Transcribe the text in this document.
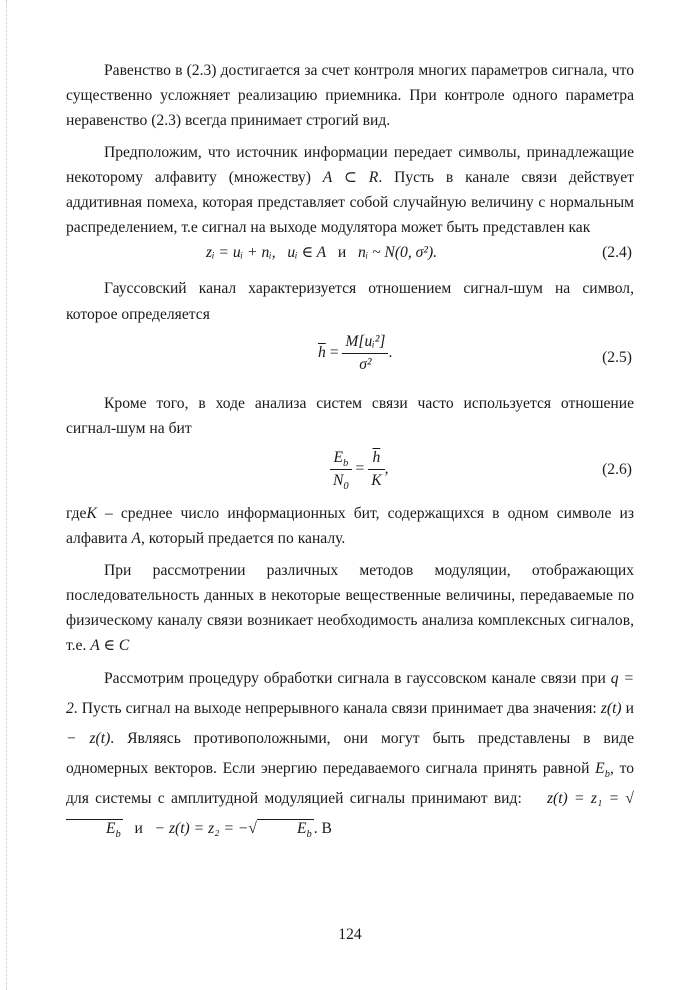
Равенство в (2.3) достигается за счет контроля многих параметров сигнала, что существенно усложняет реализацию приемника. При контроле одного параметра неравенство (2.3) всегда принимает строгий вид.

Предположим, что источник информации передает символы, принадлежащие некоторому алфавиту (множеству) A ⊂ R. Пусть в канале связи действует аддитивная помеха, которая представляет собой случайную величину с нормальным распределением, т.е сигнал на выходе модулятора может быть представлен как

zᵢ = uᵢ + nᵢ, uᵢ ∈ A и nᵢ ~ N(0, σ²).	(2.4)

Гауссовский канал характеризуется отношением сигнал-шум на символ, которое определяется

$\overline{h} = \frac{\text{M[uᵢ²]}}{\text{σ²}}$ .	(2.5)

Кроме того, в ходе анализа систем связи часто используется отношение сигнал-шум на бит

$\frac{E_b}{N_0} = \frac{\overline{h}}{K}$ ,	(2.6)

гдеK – среднее число информационных бит, содержащихся в одном символе из алфавита A, который предается по каналу.

При рассмотрении различных методов модуляции, отображающих последовательность данных в некоторые вещественные величины, передаваемые по физическому каналу связи возникает необходимость анализа комплексных сигналов, т.е. A ∈ C

Рассмотрим процедуру обработки сигнала в гауссовском канале связи при q = 2. Пусть сигнал на выходе непрерывного канала связи принимает два значения: z(t) и − z(t). Являясь противоположными, они могут быть представлены в виде одномерных векторов. Если энергию передаваемого сигнала принять равной $E_b$, то для системы с амплитудной модуляцией сигналы принимают вид:    $z(t) = z_1 = √E_b$ и − z(t) = z₂ = −√	$E_b$ . В

124
